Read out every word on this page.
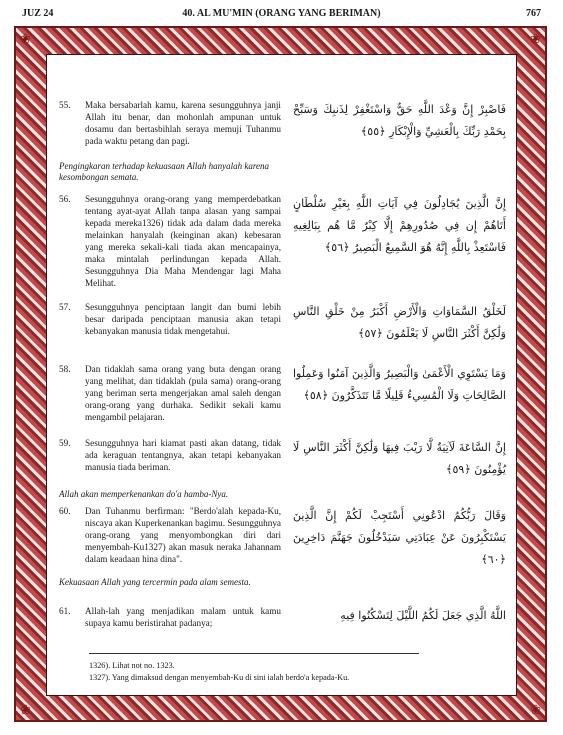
JUZ 24	40. AL MU'MIN (ORANG YANG BERIMAN)	767
❀	❀
❀	❀
55.	Maka bersabarlah kamu, karena sesungguhnya janji Allah itu benar, dan mohonlah ampunan untuk dosamu dan bertasbihlah seraya memuji Tuhanmu pada waktu petang dan pagi.
فَاصْبِرْ إِنَّ وَعْدَ اللَّهِ حَقٌّ وَاسْتَغْفِرْ لِذَنبِكَ وَسَبِّحْ بِحَمْدِ رَبِّكَ بِالْعَشِيِّ وَالْإِبْكَارِ ﴿٥٥﴾
Pengingkaran terhadap kekuasaan Allah hanyalah karena kesombongan semata.
56.	Sesungguhnya orang-orang yang memperdebatkan tentang ayat-ayat Allah tanpa alasan yang sampai kepada mereka1326) tidak ada dalam dada mereka melainkan hanyalah (keinginan akan) kebesaran yang mereka sekali-kali tiada akan mencapainya, maka mintalah perlindungan kepada Allah. Sesungguhnya Dia Maha Mendengar lagi Maha Melihat.
إِنَّ الَّذِينَ يُجَادِلُونَ فِي آيَاتِ اللَّهِ بِغَيْرِ سُلْطَانٍ أَتَاهُمْ إِن فِي صُدُورِهِمْ إِلَّا كِبْرٌ مَّا هُم بِبَالِغِيهِ فَاسْتَعِذْ بِاللَّهِ إِنَّهُ هُوَ السَّمِيعُ الْبَصِيرُ ﴿٥٦﴾
57.	Sesungguhnya penciptaan langit dan bumi lebih besar daripada penciptaan manusia akan tetapi kebanyakan manusia tidak mengetahui.
لَخَلْقُ السَّمَاوَاتِ وَالْأَرْضِ أَكْبَرُ مِنْ خَلْقِ النَّاسِ وَلَٰكِنَّ أَكْثَرَ النَّاسِ لَا يَعْلَمُونَ ﴿٥٧﴾
58.	Dan tidaklah sama orang yang buta dengan orang yang melihat, dan tidaklah (pula sama) orang-orang yang beriman serta mengerjakan amal saleh dengan orang-orang yang durhaka. Sedikit sekali kamu mengambil pelajaran.
وَمَا يَسْتَوِي الْأَعْمَىٰ وَالْبَصِيرُ وَالَّذِينَ آمَنُوا وَعَمِلُوا الصَّالِحَاتِ وَلَا الْمُسِيءُ قَلِيلًا مَّا تَتَذَكَّرُونَ ﴿٥٨﴾
59.	Sesungguhnya hari kiamat pasti akan datang, tidak ada keraguan tentangnya, akan tetapi kebanyakan manusia tiada beriman.
إِنَّ السَّاعَةَ لَآتِيَةٌ لَّا رَيْبَ فِيهَا وَلَٰكِنَّ أَكْثَرَ النَّاسِ لَا يُؤْمِنُونَ ﴿٥٩﴾
Allah akan memperkenankan do'a hamba-Nya.
60.	Dan Tuhanmu berfirman: "Berdo'alah kepada-Ku, niscaya akan Kuperkenankan bagimu. Sesungguhnya orang-orang yang menyombongkan diri dari menyembah-Ku1327) akan masuk neraka Jahannam dalam keadaan hina dina".
وَقَالَ رَبُّكُمُ ادْعُونِي أَسْتَجِبْ لَكُمْ إِنَّ الَّذِينَ يَسْتَكْبِرُونَ عَنْ عِبَادَتِي سَيَدْخُلُونَ جَهَنَّمَ دَاخِرِينَ ﴿٦٠﴾
Kekuasaan Allah yang tercermin pada alam semesta.
61.	Allah-lah yang menjadikan malam untuk kamu supaya kamu beristirahat padanya;
اللَّهُ الَّذِي جَعَلَ لَكُمُ اللَّيْلَ لِتَسْكُنُوا فِيهِ
1326). Lihat not no. 1323.
1327). Yang dimaksud dengan menyembah-Ku di sini ialah berdo'a kepada-Ku.
